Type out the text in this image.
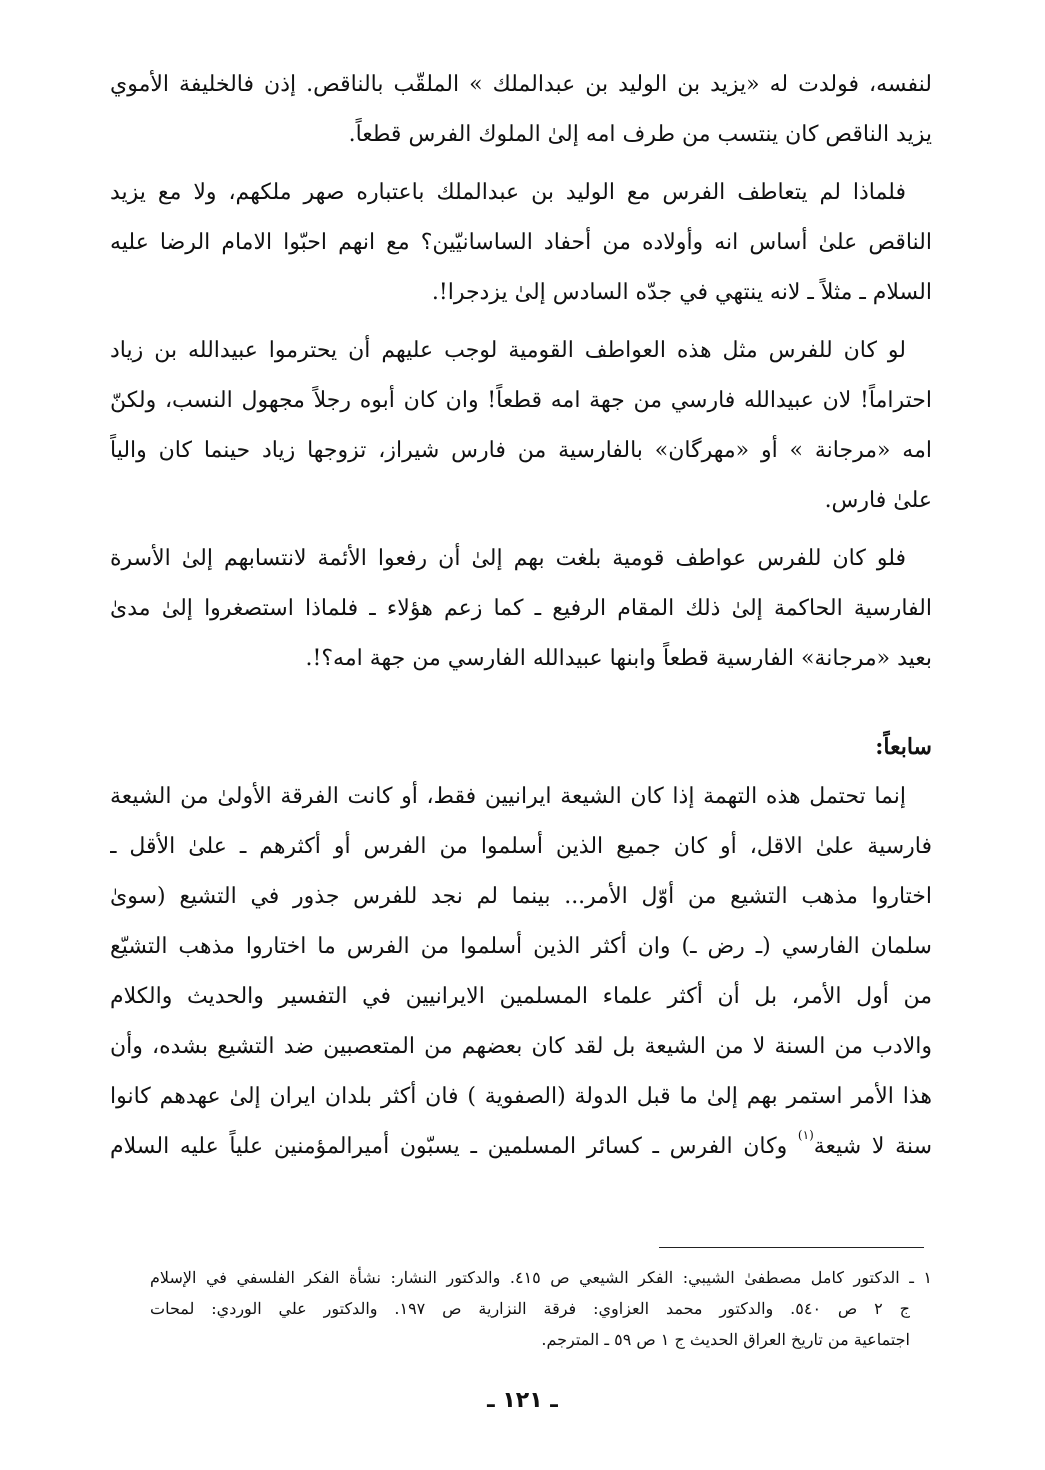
لنفسه، فولدت له «يزيد بن الوليد بن عبدالملك » الملقّب بالناقص. إذن فالخليفة الأموي
يزيد الناقص كان ينتسب من طرف امه إلىٰ الملوك الفرس قطعاً.
فلماذا لم يتعاطف الفرس مع الوليد بن عبدالملك باعتباره صهر ملكهم، ولا مع يزيد
الناقص علىٰ أساس انه وأولاده من أحفاد الساسانيّين؟ مع انهم احبّوا الامام الرضا عليه
السلام ـ مثلاً ـ لانه ينتهي في جدّه السادس إلىٰ يزدجرا!.
لو كان للفرس مثل هذه العواطف القومية لوجب عليهم أن يحترموا عبيدالله بن زياد
احتراماً! لان عبيدالله فارسي من جهة امه قطعاً! وان كان أبوه رجلاً مجهول النسب، ولكنّ
امه «مرجانة » أو «مهرگان» بالفارسية من فارس شيراز، تزوجها زياد حينما كان والياً
علىٰ فارس.
فلو كان للفرس عواطف قومية بلغت بهم إلىٰ أن رفعوا الأئمة لانتسابهم إلىٰ الأسرة
الفارسية الحاكمة إلىٰ ذلك المقام الرفيع ـ كما زعم هؤلاء ـ فلماذا استصغروا إلىٰ مدىٰ
بعيد «مرجانة» الفارسية قطعاً وابنها عبيدالله الفارسي من جهة امه؟!.
سابعاً:
إنما تحتمل هذه التهمة إذا كان الشيعة ايرانيين فقط، أو كانت الفرقة الأولىٰ من الشيعة
فارسية علىٰ الاقل، أو كان جميع الذين أسلموا من الفرس أو أكثرهم ـ علىٰ الأقل ـ
اختاروا مذهب التشيع من أوّل الأمر... بينما لم نجد للفرس جذور في التشيع (سوىٰ
سلمان الفارسي (ـ رض ـ) وان أكثر الذين أسلموا من الفرس ما اختاروا مذهب التشيّع
من أول الأمر، بل أن أكثر علماء المسلمين الايرانيين في التفسير والحديث والكلام
والادب من السنة لا من الشيعة بل لقد كان بعضهم من المتعصبين ضد التشيع بشده، وأن
هذا الأمر استمر بهم إلىٰ ما قبل الدولة (الصفوية ) فان أكثر بلدان ايران إلىٰ عهدهم كانوا
سنة لا شيعة$^{(١)}$ وكان الفرس ـ كسائر المسلمين ـ يسبّون أميرالمؤمنين علياً عليه السلام
١ ـ الدكتور كامل مصطفىٰ الشيبي: الفكر الشيعي ص ٤١٥. والدكتور النشار: نشأة الفكر الفلسفي في الإسلام
ج ٢ ص ٥٤٠. والدكتور محمد العزاوي: فرقة النزارية ص ١٩٧. والدكتور علي الوردي: لمحات
اجتماعية من تاريخ العراق الحديث ج ١ ص ٥٩ ـ المترجم.
ـ ١٢١ ـ
